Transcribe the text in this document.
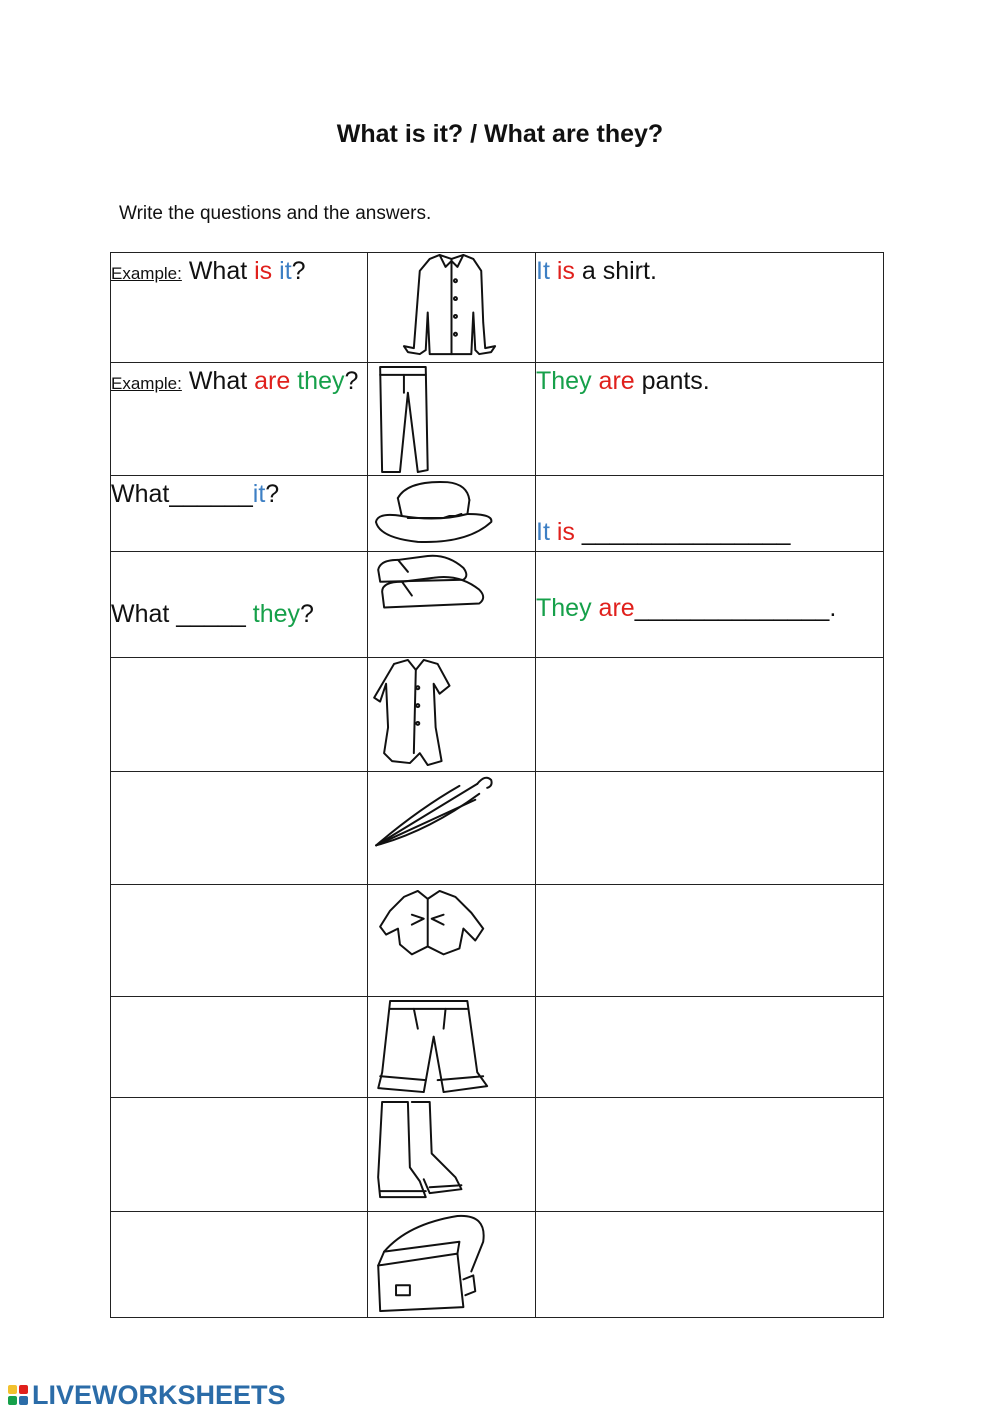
What is it? / What are they?

Write the questions and the answers.

Example: What is it?		It is a shirt.
Example: What are they?		They are pants.
What______it?		It is _______________
What _____ they?		They are______________.

LIVEWORKSHEETS
